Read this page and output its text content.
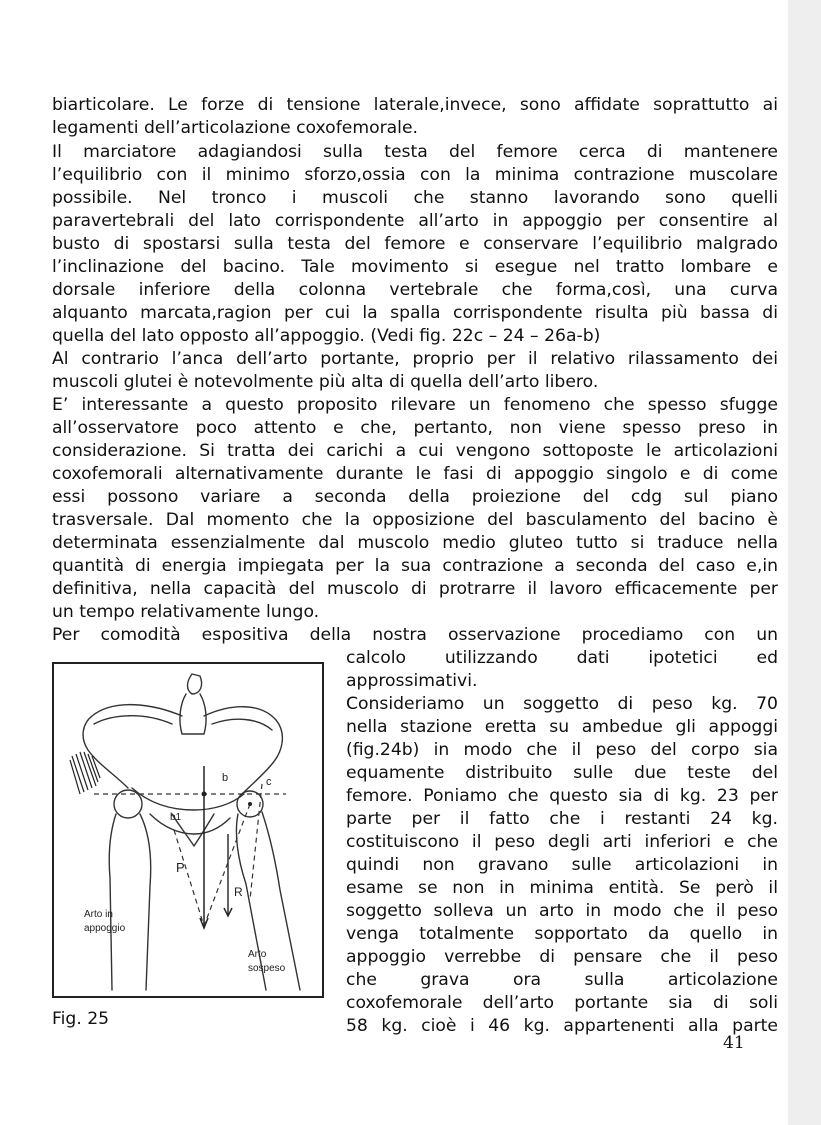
biarticolare. Le forze di tensione laterale,invece, sono affidate soprattutto ai
legamenti dell’articolazione coxofemorale.
Il marciatore adagiandosi sulla testa del femore cerca di mantenere
l’equilibrio con il minimo sforzo,ossia con la minima contrazione muscolare
possibile. Nel tronco i muscoli che stanno lavorando sono quelli
paravertebrali del lato corrispondente all’arto in appoggio per consentire al
busto di spostarsi sulla testa del femore e conservare l’equilibrio malgrado
l’inclinazione del bacino. Tale movimento si esegue nel tratto lombare e
dorsale inferiore della colonna vertebrale che forma,così, una curva
alquanto marcata,ragion per cui la spalla corrispondente risulta più bassa di
quella del lato opposto all’appoggio. (Vedi fig. 22c – 24 – 26a-b)
Al contrario l’anca dell’arto portante, proprio per il relativo rilassamento dei
muscoli glutei è notevolmente più alta di quella dell’arto libero.
E’ interessante a questo proposito rilevare un fenomeno che spesso sfugge
all’osservatore poco attento e che, pertanto, non viene spesso preso in
considerazione. Si tratta dei carichi a cui vengono sottoposte le articolazioni
coxofemorali alternativamente durante le fasi di appoggio singolo e di come
essi possono variare a seconda della proiezione del cdg sul piano
trasversale. Dal momento che la opposizione del basculamento del bacino è
determinata essenzialmente dal muscolo medio gluteo tutto si traduce nella
quantità di energia impiegata per la sua contrazione a seconda del caso e,in
definitiva, nella capacità del muscolo di protrarre il lavoro efficacemente per
un tempo relativamente lungo.
Per comodità espositiva della nostra osservazione procediamo con un
calcolo utilizzando dati ipotetici ed
approssimativi.
Consideriamo un soggetto di peso kg. 70
nella stazione eretta su ambedue gli appoggi
(fig.24b) in modo che il peso del corpo sia
equamente distribuito sulle due teste del
femore. Poniamo che questo sia di kg. 23 per
parte per il fatto che i restanti 24 kg.
costituiscono il peso degli arti inferiori e che
quindi non gravano sulle articolazioni in
esame se non in minima entità. Se però il
soggetto solleva un arto in modo che il peso
venga totalmente sopportato da quello in
appoggio verrebbe di pensare che il peso
che grava ora sulla articolazione
coxofemorale dell’arto portante sia di soli
58 kg. cioè i 46 kg. appartenenti alla parte
P
R
b	c
b1
Arto in appoggio
Arto sospeso
Fig. 25
41
